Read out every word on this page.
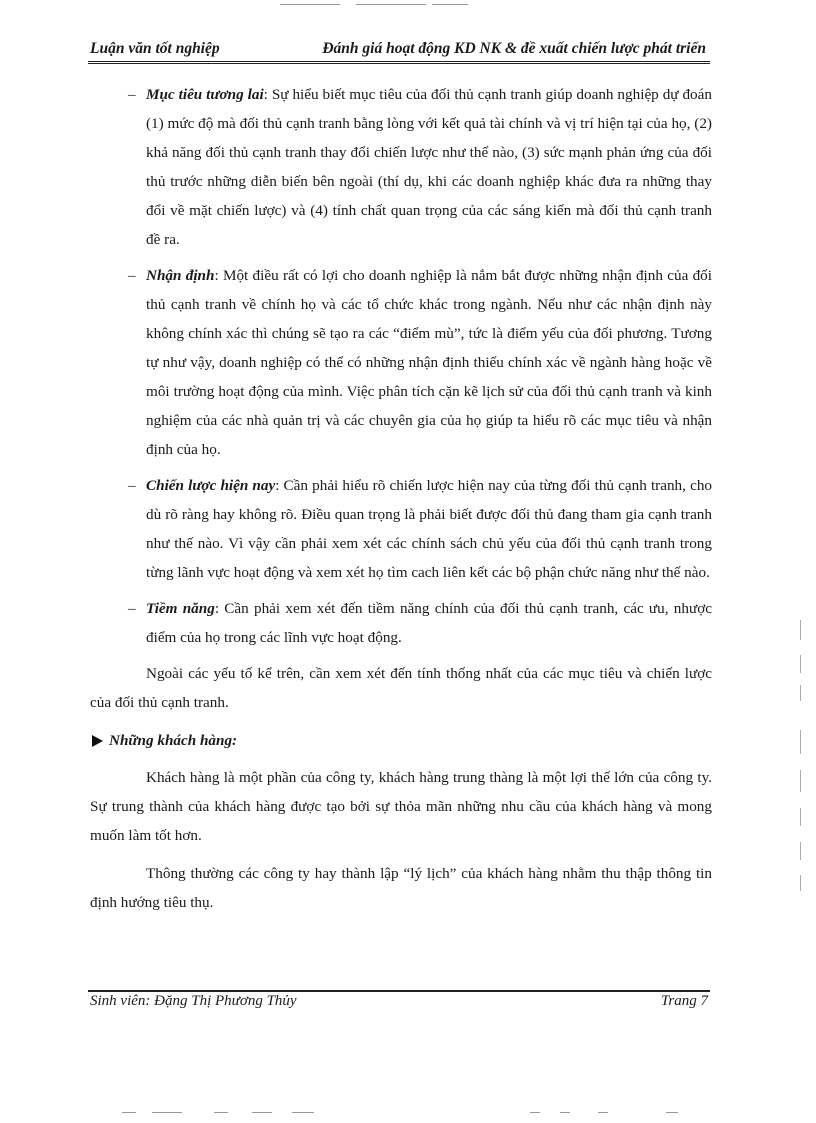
Luận văn tốt nghiệp	Đánh giá hoạt động KD NK & đề xuất chiến lược phát triển
– Mục tiêu tương lai: Sự hiểu biết mục tiêu của đối thủ cạnh tranh giúp doanh nghiệp dự đoán (1) mức độ mà đối thủ cạnh tranh bằng lòng với kết quả tài chính và vị trí hiện tại của họ, (2) khả năng đối thủ cạnh tranh thay đổi chiến lược như thế nào, (3) sức mạnh phản ứng của đối thủ trước những diễn biến bên ngoài (thí dụ, khi các doanh nghiệp khác đưa ra những thay đổi về mặt chiến lược) và (4) tính chất quan trọng của các sáng kiến mà đối thủ cạnh tranh đề ra.
– Nhận định: Một điều rất có lợi cho doanh nghiệp là nắm bắt được những nhận định của đối thủ cạnh tranh về chính họ và các tổ chức khác trong ngành. Nếu như các nhận định này không chính xác thì chúng sẽ tạo ra các “điểm mù”, tức là điểm yếu của đối phương. Tương tự như vậy, doanh nghiệp có thể có những nhận định thiếu chính xác về ngành hàng hoặc về môi trường hoạt động của mình. Việc phân tích cặn kẽ lịch sử của đối thủ cạnh tranh và kinh nghiệm của các nhà quản trị và các chuyên gia của họ giúp ta hiểu rõ các mục tiêu và nhận định của họ.
– Chiến lược hiện nay: Cần phải hiểu rõ chiến lược hiện nay của từng đối thủ cạnh tranh, cho dù rõ ràng hay không rõ. Điều quan trọng là phải biết được đối thủ đang tham gia cạnh tranh như thế nào. Vì vậy cần phải xem xét các chính sách chủ yếu của đối thủ cạnh tranh trong từng lãnh vực hoạt động và xem xét họ tìm cach liên kết các bộ phận chức năng như thế nào.
– Tiềm năng: Cần phải xem xét đến tiềm năng chính của đối thủ cạnh tranh, các ưu, nhược điểm của họ trong các lĩnh vực hoạt động.

Ngoài các yếu tố kể trên, cần xem xét đến tính thống nhất của các mục tiêu và chiến lược của đối thủ cạnh tranh.

Những khách hàng:

Khách hàng là một phần của công ty, khách hàng trung thàng là một lợi thế lớn của công ty. Sự trung thành của khách hàng được tạo bởi sự thỏa mãn những nhu cầu của khách hàng và mong muốn làm tốt hơn.

Thông thường các công ty hay thành lập “lý lịch” của khách hàng nhằm thu thập thông tin định hướng tiêu thụ.

Sinh viên: Đặng Thị Phương Thủy	Trang 7
